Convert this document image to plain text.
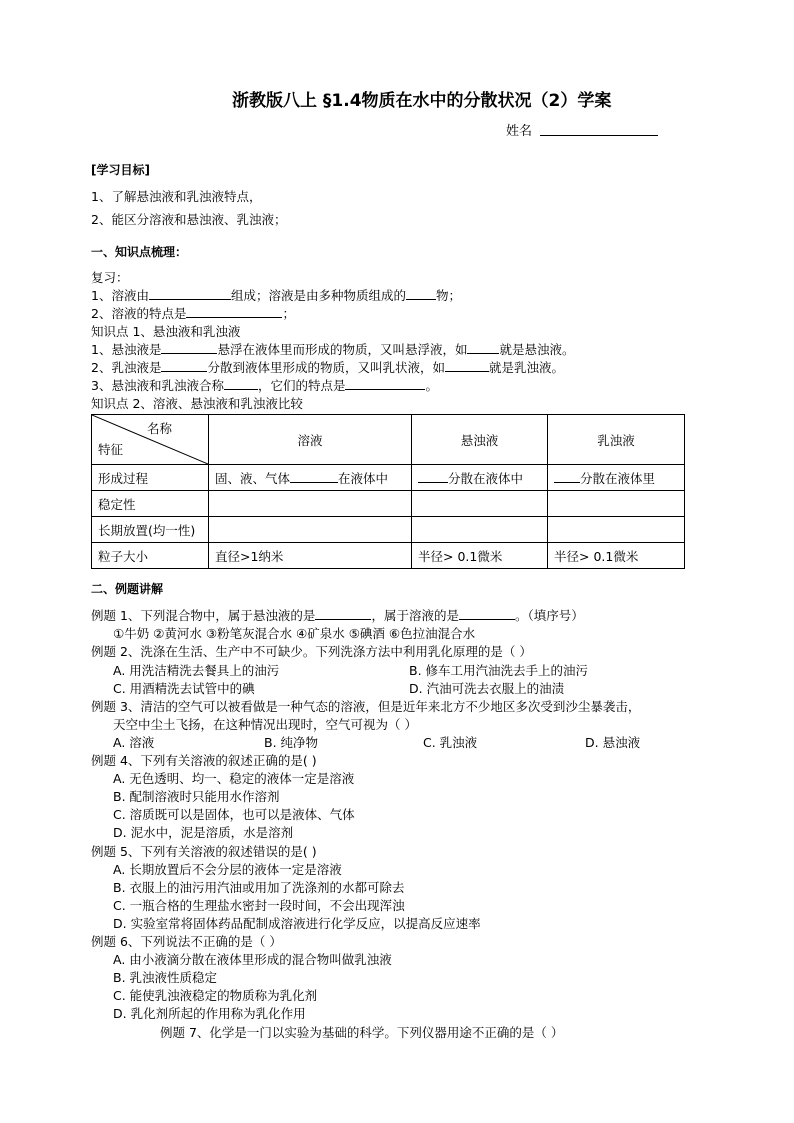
浙教版八上 §1.4物质在水中的分散状况（2）学案
姓名
[学习目标]
1、了解悬浊液和乳浊液特点，
2、能区分溶液和悬浊液、乳浊液；
一、知识点梳理：
复习：
1、溶液由	组成；溶液是由多种物质组成的 物；
2、溶液的特点是	；
知识点 1、悬浊液和乳浊液
1、悬浊液是	悬浮在液体里而形成的物质，又叫悬浮液，如	就是悬浊液。
2、乳浊液是	分散到液体里形成的物质，又叫乳状液，如	就是乳浊液。
3、悬浊液和乳浊液合称	，它们的特点是	。
知识点 2、溶液、悬浊液和乳浊液比较
名称
特征	溶液	悬浊液	乳浊液
形成过程	固、液、气体 在液体中	分散在液体中	分散在液体里
稳定性			
长期放置(均一性)			
粒子大小	直径>1纳米	半径> 0.1微米	半径> 0.1微米
二、例题讲解
例题 1、下列混合物中，属于悬浊液的是	，属于溶液的是	。（填序号）
①牛奶 ②黄河水 ③粉笔灰混合水 ④矿泉水 ⑤碘酒 ⑥色拉油混合水
例题 2、洗涤在生活、生产中不可缺少。下列洗涤方法中利用乳化原理的是（ ）
A. 用洗洁精洗去餐具上的油污	B. 修车工用汽油洗去手上的油污
C. 用酒精洗去试管中的碘	D. 汽油可洗去衣服上的油渍
例题 3、清洁的空气可以被看做是一种气态的溶液，但是近年来北方不少地区多次受到沙尘暴袭击，
天空中尘土飞扬，在这种情况出现时，空气可视为（ ）
A. 溶液	B. 纯净物	C. 乳浊液	D. 悬浊液
例题 4、下列有关溶液的叙述正确的是( )
A. 无色透明、均一、稳定的液体一定是溶液
B. 配制溶液时只能用水作溶剂
C. 溶质既可以是固体，也可以是液体、气体
D. 泥水中，泥是溶质，水是溶剂
例题 5、下列有关溶液的叙述错误的是( )
A. 长期放置后不会分层的液体一定是溶液
B. 衣服上的油污用汽油或用加了洗涤剂的水都可除去
C. 一瓶合格的生理盐水密封一段时间，不会出现浑浊
D. 实验室常将固体药品配制成溶液进行化学反应，以提高反应速率
例题 6、下列说法不正确的是（ ）
A. 由小液滴分散在液体里形成的混合物叫做乳浊液
B. 乳浊液性质稳定
C. 能使乳浊液稳定的物质称为乳化剂
D. 乳化剂所起的作用称为乳化作用
例题 7、化学是一门以实验为基础的科学。下列仪器用途不正确的是（ ）
